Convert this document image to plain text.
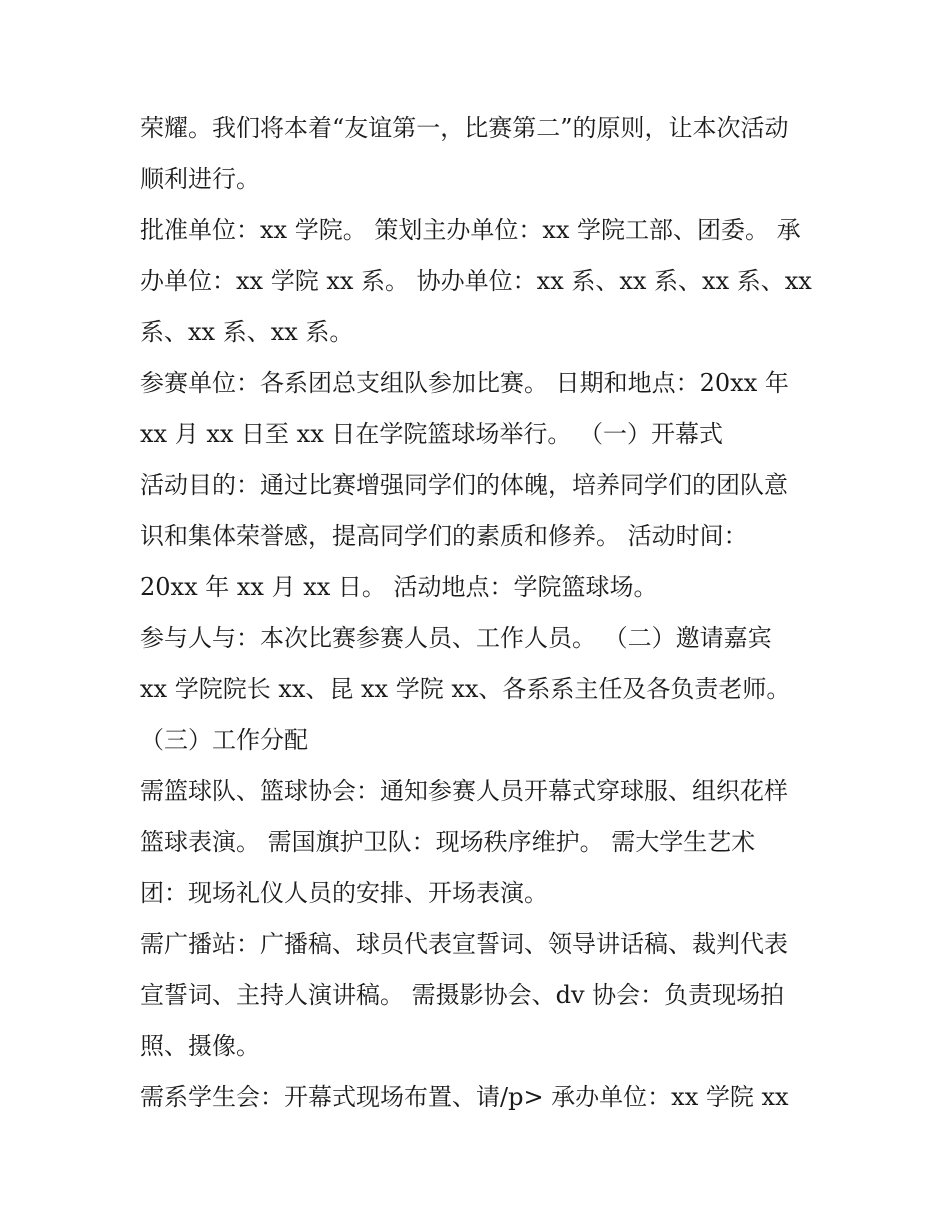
荣耀。我们将本着“友谊第一，比赛第二”的原则，让本次活动
顺利进行。
批准单位：xx 学院。 策划主办单位：xx 学院工部、团委。 承
办单位：xx 学院 xx 系。 协办单位：xx 系、xx 系、xx 系、xx
系、xx 系、xx 系。
参赛单位：各系团总支组队参加比赛。 日期和地点：20xx 年
xx 月 xx 日至 xx 日在学院篮球场举行。 （一）开幕式
活动目的：通过比赛增强同学们的体魄，培养同学们的团队意
识和集体荣誉感，提高同学们的素质和修养。 活动时间：
20xx 年 xx 月 xx 日。 活动地点：学院篮球场。
参与人与：本次比赛参赛人员、工作人员。 （二）邀请嘉宾
xx 学院院长 xx、昆 xx 学院 xx、各系系主任及各负责老师。
（三）工作分配
需篮球队、篮球协会：通知参赛人员开幕式穿球服、组织花样
篮球表演。 需国旗护卫队：现场秩序维护。 需大学生艺术
团：现场礼仪人员的安排、开场表演。
需广播站：广播稿、球员代表宣誓词、领导讲话稿、裁判代表
宣誓词、主持人演讲稿。 需摄影协会、dv 协会：负责现场拍
照、摄像。
需系学生会：开幕式现场布置、请/p> 承办单位：xx 学院 xx
